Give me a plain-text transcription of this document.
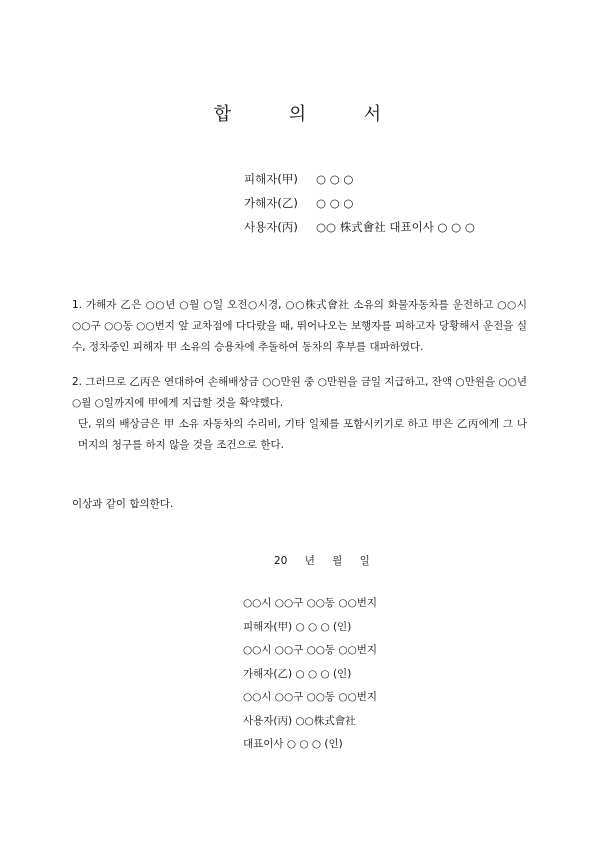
합	의	서
피해자(甲) ○ ○ ○
가해자(乙) ○ ○ ○
사용자(丙) ○○ 株式會社 대표이사 ○ ○ ○

1. 가해자 乙은 ○○년 ○월 ○일 오전○시경, ○○株式會社 소유의 화물자동차를 운전하고 ○○시 ○○구 ○○동 ○○번지 앞 교차점에 다다랐을 때, 뛰어나오는 보행자를 피하고자 당황해서 운전을 실수, 정차중인 피해자 甲 소유의 승용차에 추돌하여 동차의 후부를 대파하였다.

2. 그러므로 乙丙은 연대하여 손해배상금 ○○만원 중 ○만원을 금일 지급하고, 잔액 ○만원을 ○○년 ○월 ○일까지에 甲에게 지급할 것을 확약했다.

단, 위의 배상금은 甲 소유 자동차의 수리비, 기타 일체를 포함시키기로 하고 甲은 乙丙에게 그 나머지의 청구를 하지 않을 것을 조건으로 한다.

이상과 같이 합의한다.
20 년 월 일
○○시 ○○구 ○○동 ○○번지
피해자(甲) ○ ○ ○ (인)
○○시 ○○구 ○○동 ○○번지
가해자(乙) ○ ○ ○ (인)
○○시 ○○구 ○○동 ○○번지
사용자(丙) ○○株式會社
대표이사 ○ ○ ○ (인)
